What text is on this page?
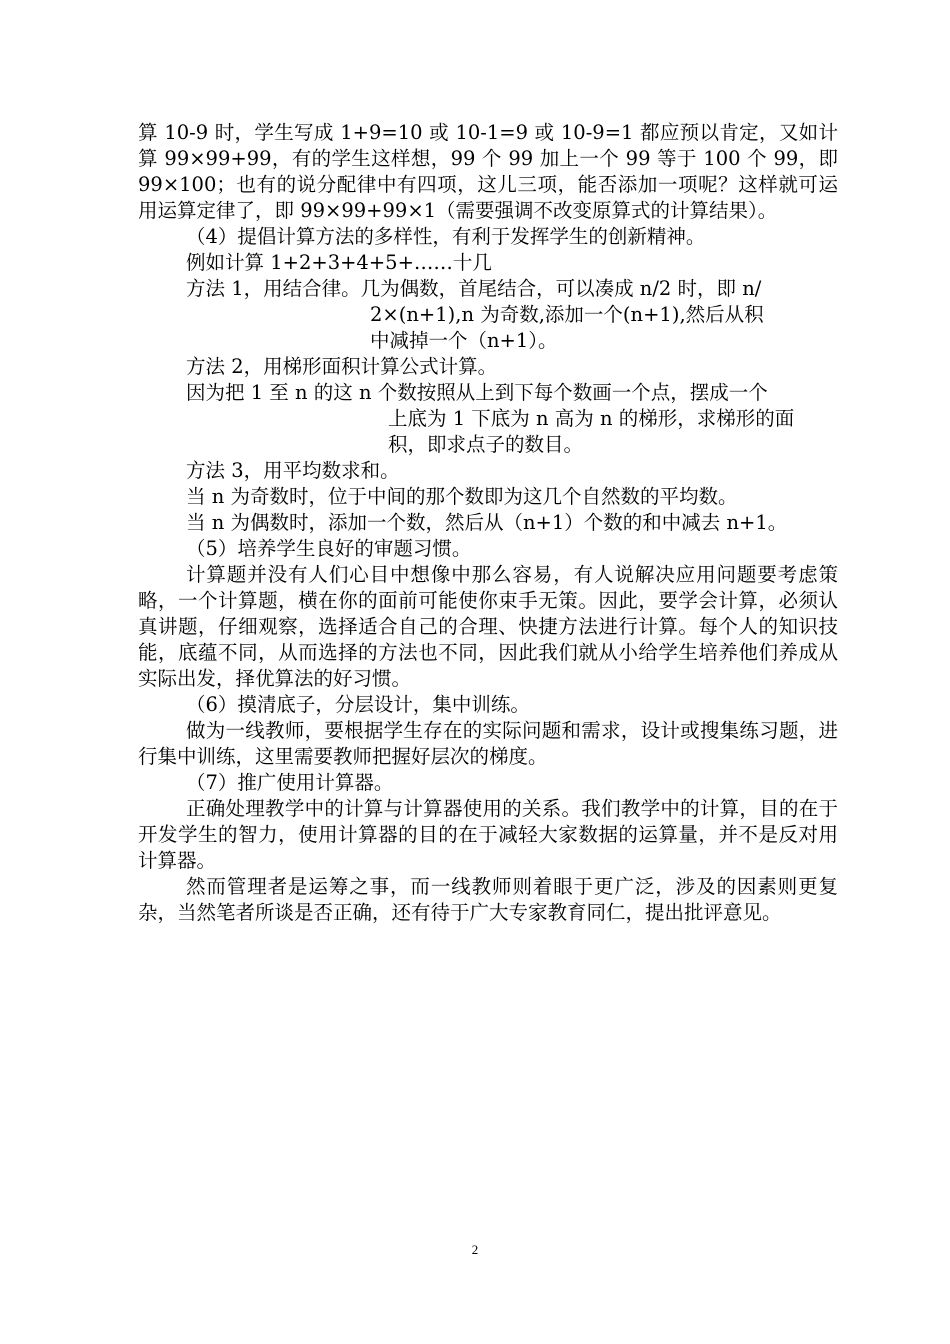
算 10-9 时，学生写成 1+9=10 或 10-1=9 或 10-9=1 都应预以肯定，又如计算 99×99+99，有的学生这样想，99 个 99 加上一个 99 等于 100 个 99，即 99×100；也有的说分配律中有四项，这儿三项，能否添加一项呢？这样就可运用运算定律了，即 99×99+99×1（需要强调不改变原算式的计算结果）。

（4）提倡计算方法的多样性，有利于发挥学生的创新精神。

例如计算 1+2+3+4+5+……十几

方法 1，用结合律。几为偶数，首尾结合，可以凑成 n/2 时，即 n/

2×(n+1),n 为奇数,添加一个(n+1),然后从积

中减掉一个（n+1）。

方法 2，用梯形面积计算公式计算。

因为把 1 至 n 的这 n 个数按照从上到下每个数画一个点，摆成一个

上底为 1 下底为 n 高为 n 的梯形，求梯形的面

积，即求点子的数目。

方法 3，用平均数求和。

当 n 为奇数时，位于中间的那个数即为这几个自然数的平均数。

当 n 为偶数时，添加一个数，然后从（n+1）个数的和中减去 n+1。

（5）培养学生良好的审题习惯。

计算题并没有人们心目中想像中那么容易，有人说解决应用问题要考虑策略，一个计算题，横在你的面前可能使你束手无策。因此，要学会计算，必须认真讲题，仔细观察，选择适合自己的合理、快捷方法进行计算。每个人的知识技能，底蕴不同，从而选择的方法也不同，因此我们就从小给学生培养他们养成从实际出发，择优算法的好习惯。

（6）摸清底子，分层设计，集中训练。

做为一线教师，要根据学生存在的实际问题和需求，设计或搜集练习题，进行集中训练，这里需要教师把握好层次的梯度。

（7）推广使用计算器。

正确处理教学中的计算与计算器使用的关系。我们教学中的计算，目的在于开发学生的智力，使用计算器的目的在于减轻大家数据的运算量，并不是反对用计算器。

然而管理者是运筹之事，而一线教师则着眼于更广泛，涉及的因素则更复杂，当然笔者所谈是否正确，还有待于广大专家教育同仁，提出批评意见。

2
